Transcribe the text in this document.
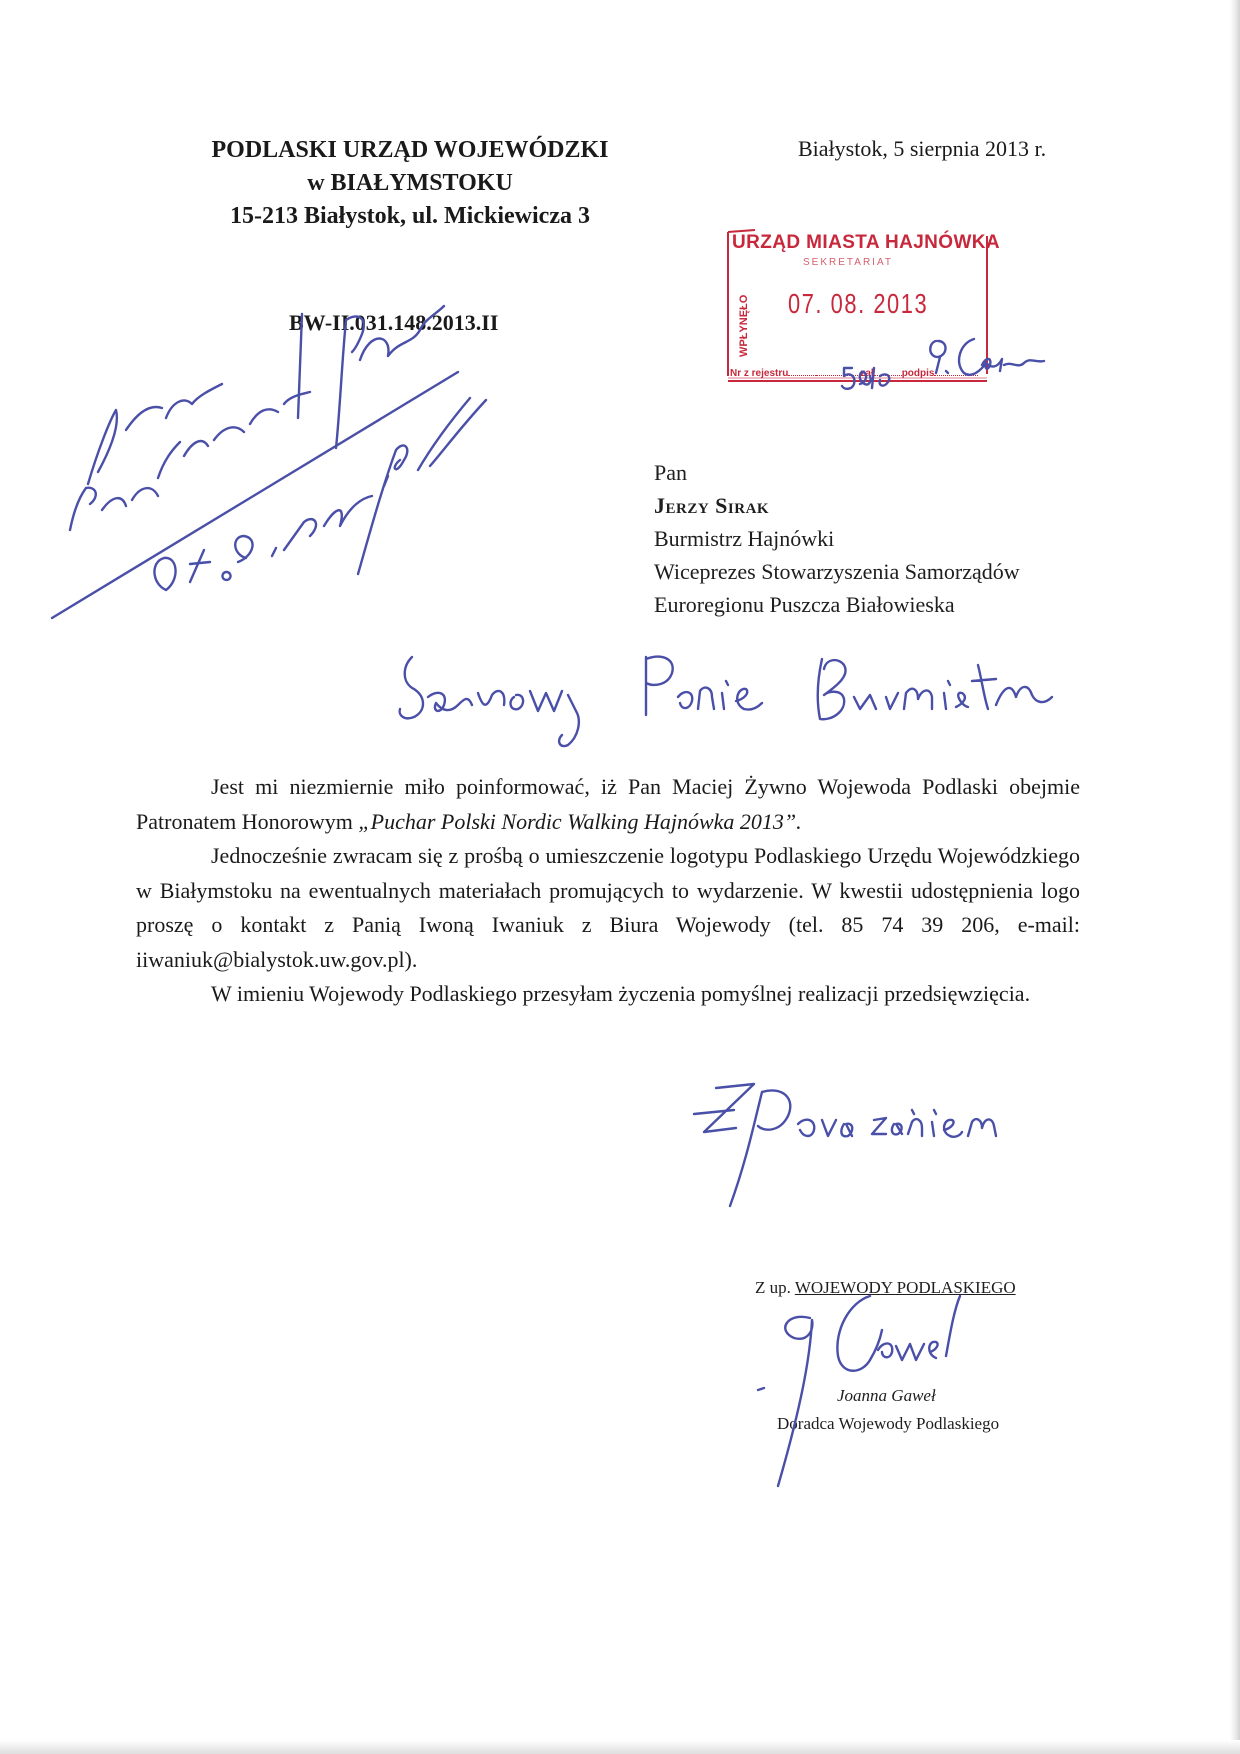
PODLASKI URZĄD WOJEWÓDZKI
w BIAŁYMSTOKU
15-213 Białystok, ul. Mickiewicza 3
Białystok, 5 sierpnia 2013 r.
BW-II.031.148.2013.II
URZĄD MIASTA HAJNÓWKA
SEKRETARIAT
WPŁYNĘŁO 07. 08. 2013
Nr z rejestru	zał	podpis
Pan
Jerzy Sirak
Burmistrz Hajnówki
Wiceprezes Stowarzyszenia Samorządów
Euroregionu Puszcza Białowieska

Jest mi niezmiernie miło poinformować, iż Pan Maciej Żywno Wojewoda Podlaski obejmie Patronatem Honorowym „Puchar Polski Nordic Walking Hajnówka 2013”.

Jednocześnie zwracam się z prośbą o umieszczenie logotypu Podlaskiego Urzędu Wojewódzkiego w Białymstoku na ewentualnych materiałach promujących to wydarzenie. W kwestii udostępnienia logo proszę o kontakt z Panią Iwoną Iwaniuk z Biura Wojewody (tel. 85 74 39 206, e-mail: iiwaniuk@bialystok.uw.gov.pl).

W imieniu Wojewody Podlaskiego przesyłam życzenia pomyślnej realizacji przedsięwzięcia.

Z up. WOJEWODY PODLASKIEGO
Joanna Gaweł
Doradca Wojewody Podlaskiego
